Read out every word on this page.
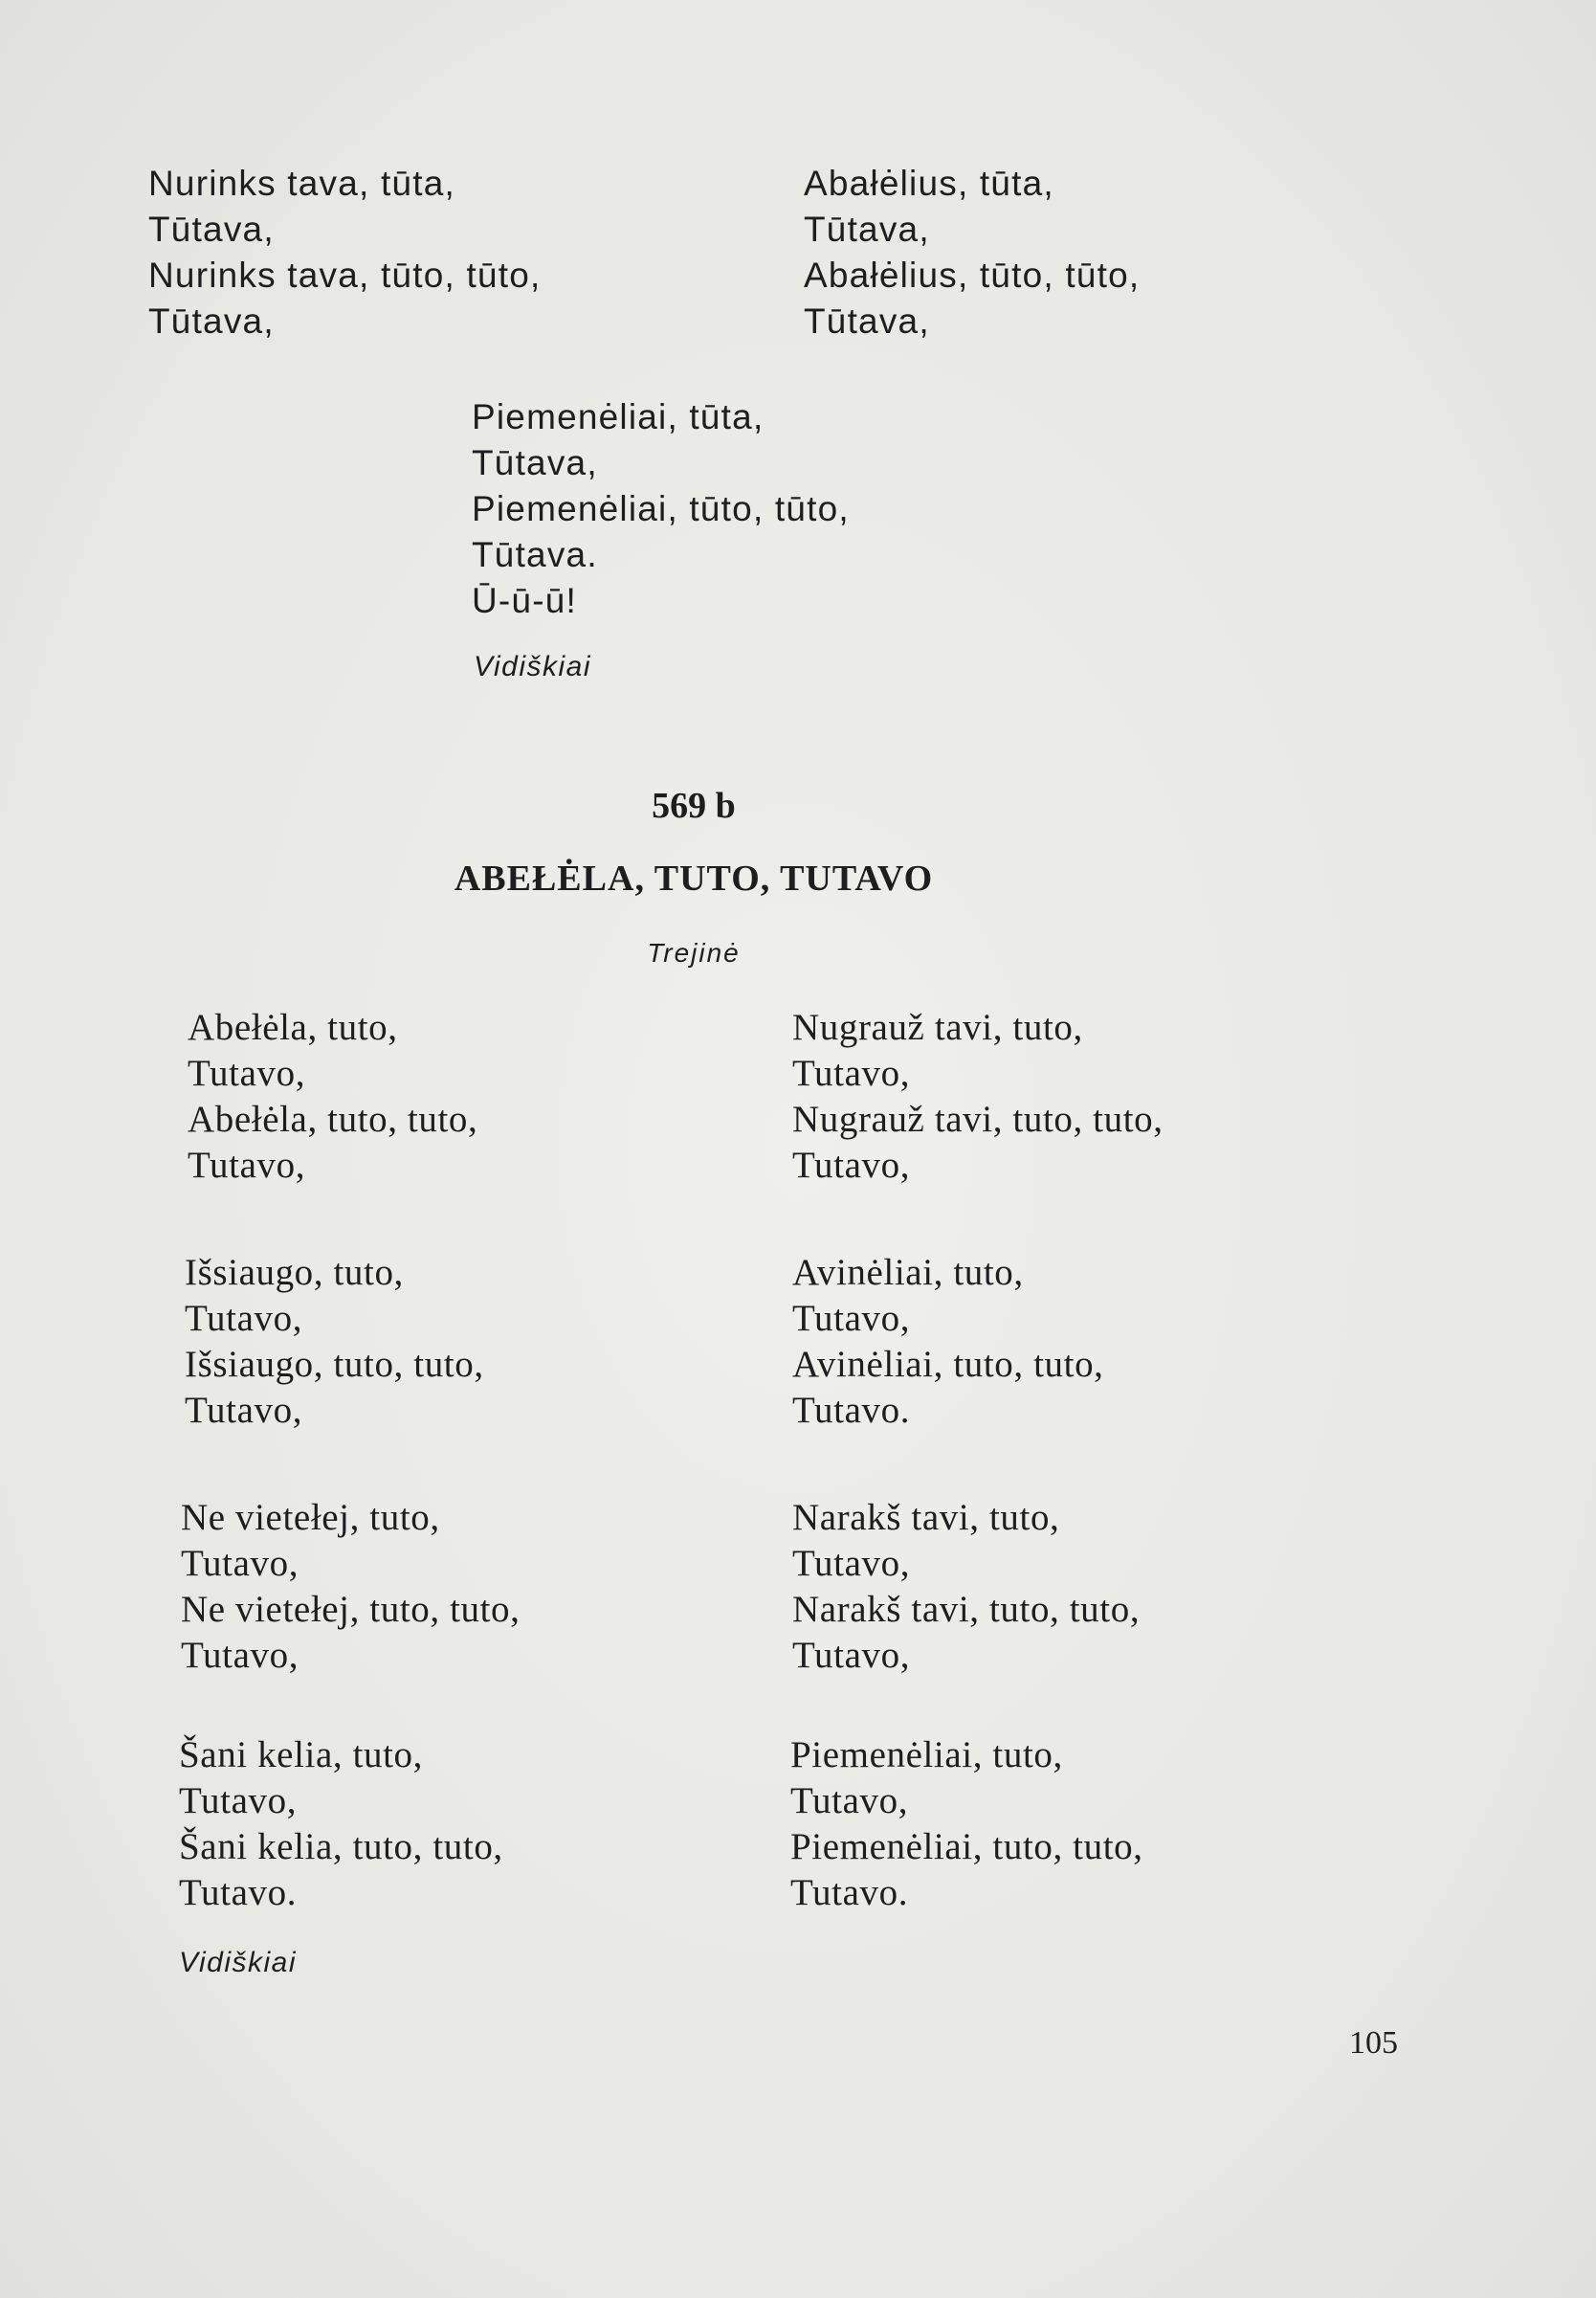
Nurinks tava, tūta,
Tūtava,
Nurinks tava, tūto, tūto,
Tūtava,
Abałėlius, tūta,
Tūtava,
Abałėlius, tūto, tūto,
Tūtava,
Piemenėliai, tūta,
Tūtava,
Piemenėliai, tūto, tūto,
Tūtava.
Ū-ū-ū!
Vidiškiai
569 b
ABEŁĖLA, TUTO, TUTAVO
Trejinė
Abełėla, tuto,
Tutavo,
Abełėla, tuto, tuto,
Tutavo,
Nugrauž tavi, tuto,
Tutavo,
Nugrauž tavi, tuto, tuto,
Tutavo,
Išsiaugo, tuto,
Tutavo,
Išsiaugo, tuto, tuto,
Tutavo,
Avinėliai, tuto,
Tutavo,
Avinėliai, tuto, tuto,
Tutavo.
Ne vietełej, tuto,
Tutavo,
Ne vietełej, tuto, tuto,
Tutavo,
Narakš tavi, tuto,
Tutavo,
Narakš tavi, tuto, tuto,
Tutavo,
Šani kelia, tuto,
Tutavo,
Šani kelia, tuto, tuto,
Tutavo.
Piemenėliai, tuto,
Tutavo,
Piemenėliai, tuto, tuto,
Tutavo.
Vidiškiai
105
